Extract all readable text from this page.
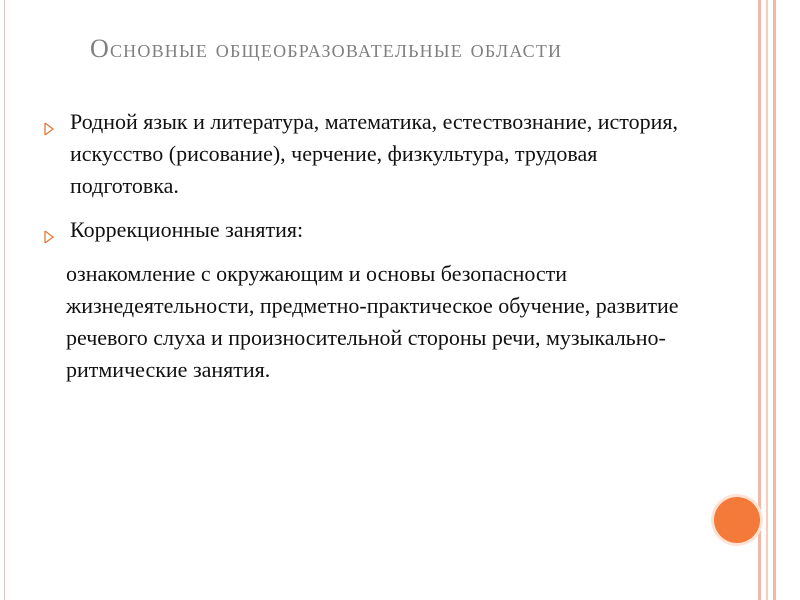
Основные общеобразовательные области
Родной язык и литература, математика, естествознание, история, искусство (рисование), черчение, физкультура, трудовая подготовка.
Коррекционные занятия:
ознакомление с окружающим и основы безопасности жизнедеятельности, предметно-практическое обучение, развитие речевого слуха и произносительной стороны речи, музыкально-ритмические занятия.
